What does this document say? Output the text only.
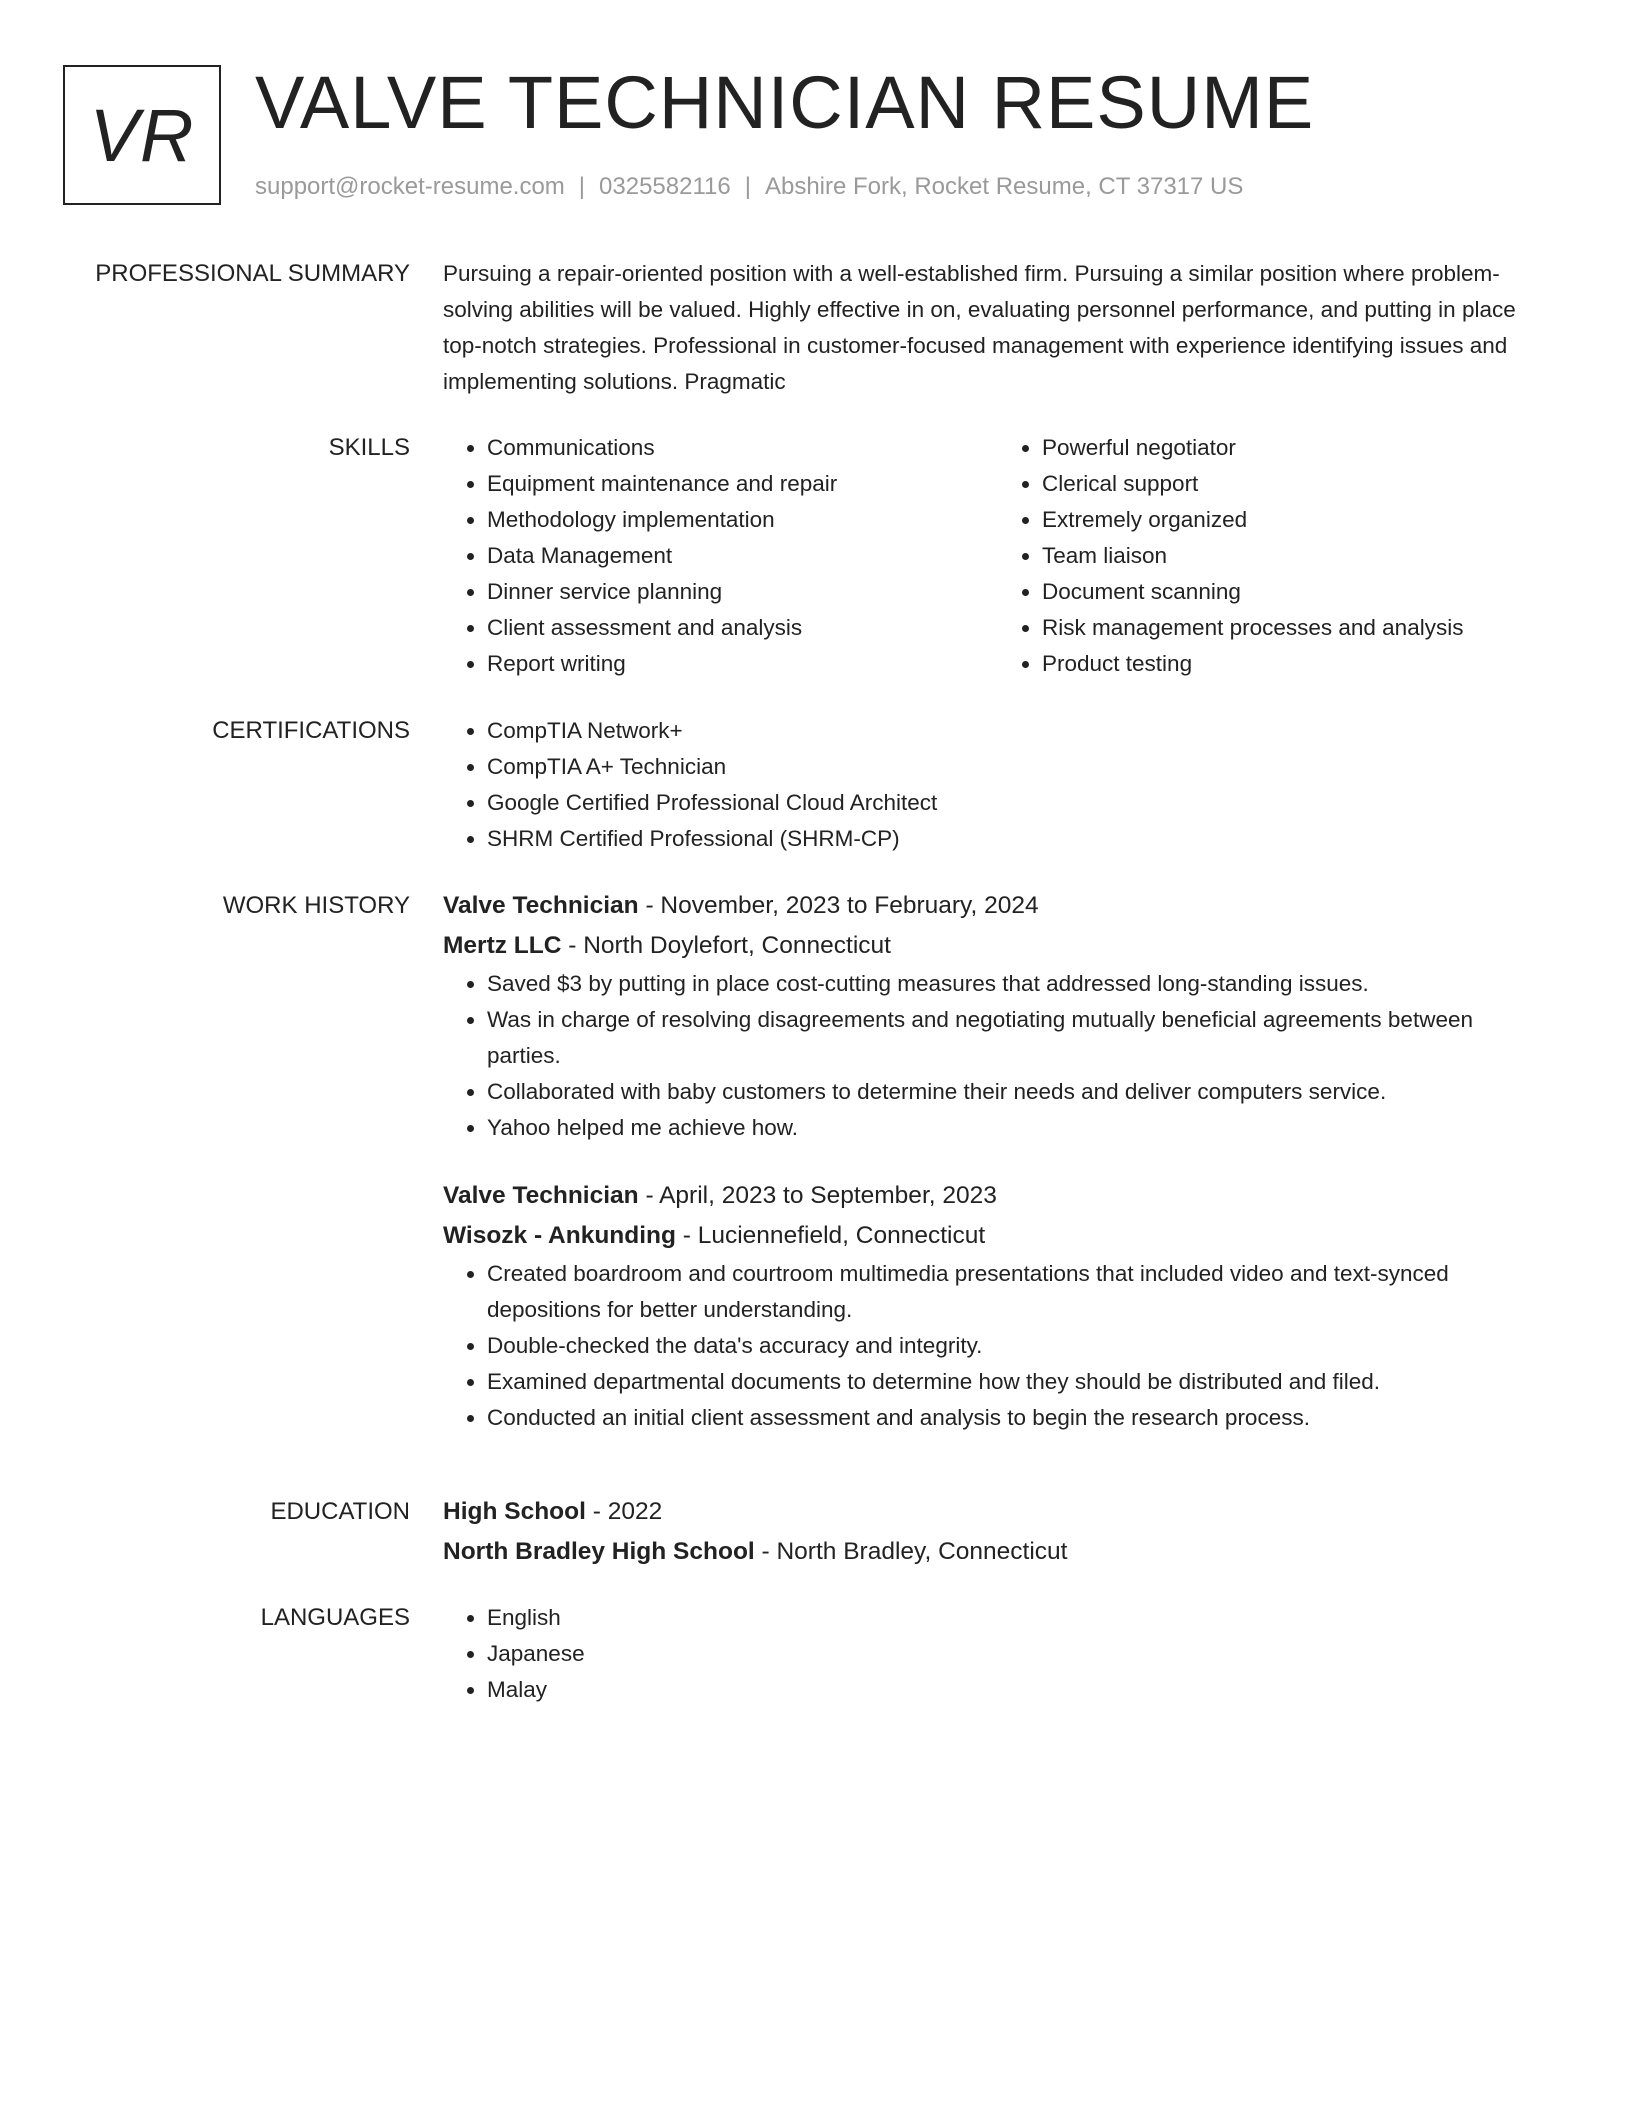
VR VALVE TECHNICIAN RESUME
support@rocket-resume.com | 0325582116 | Abshire Fork, Rocket Resume, CT 37317 US
PROFESSIONAL SUMMARY Pursuing a repair-oriented position with a well-established firm. Pursuing a similar position where problem-solving abilities will be valued. Highly effective in on, evaluating personnel performance, and putting in place top-notch strategies. Professional in customer-focused management with experience identifying issues and implementing solutions. Pragmatic
SKILLS	• Communications
• Equipment maintenance and repair
• Methodology implementation
• Data Management
• Dinner service planning
• Client assessment and analysis
• Report writing
• Powerful negotiator
• Clerical support
• Extremely organized
• Team liaison
• Document scanning
• Risk management processes and analysis
• Product testing
CERTIFICATIONS	• CompTIA Network+
• CompTIA A+ Technician
• Google Certified Professional Cloud Architect
• SHRM Certified Professional (SHRM-CP)
WORK HISTORY Valve Technician - November, 2023 to February, 2024
Mertz LLC - North Doylefort, Connecticut
• Saved $3 by putting in place cost-cutting measures that addressed long-standing issues.
• Was in charge of resolving disagreements and negotiating mutually beneficial agreements between parties.
• Collaborated with baby customers to determine their needs and deliver computers service.
• Yahoo helped me achieve how.
Valve Technician - April, 2023 to September, 2023
Wisozk - Ankunding - Luciennefield, Connecticut
• Created boardroom and courtroom multimedia presentations that included video and text-synced depositions for better understanding.
• Double-checked the data's accuracy and integrity.
• Examined departmental documents to determine how they should be distributed and filed.
• Conducted an initial client assessment and analysis to begin the research process.
EDUCATION High School - 2022
North Bradley High School - North Bradley, Connecticut
LANGUAGES	• English
• Japanese
• Malay
